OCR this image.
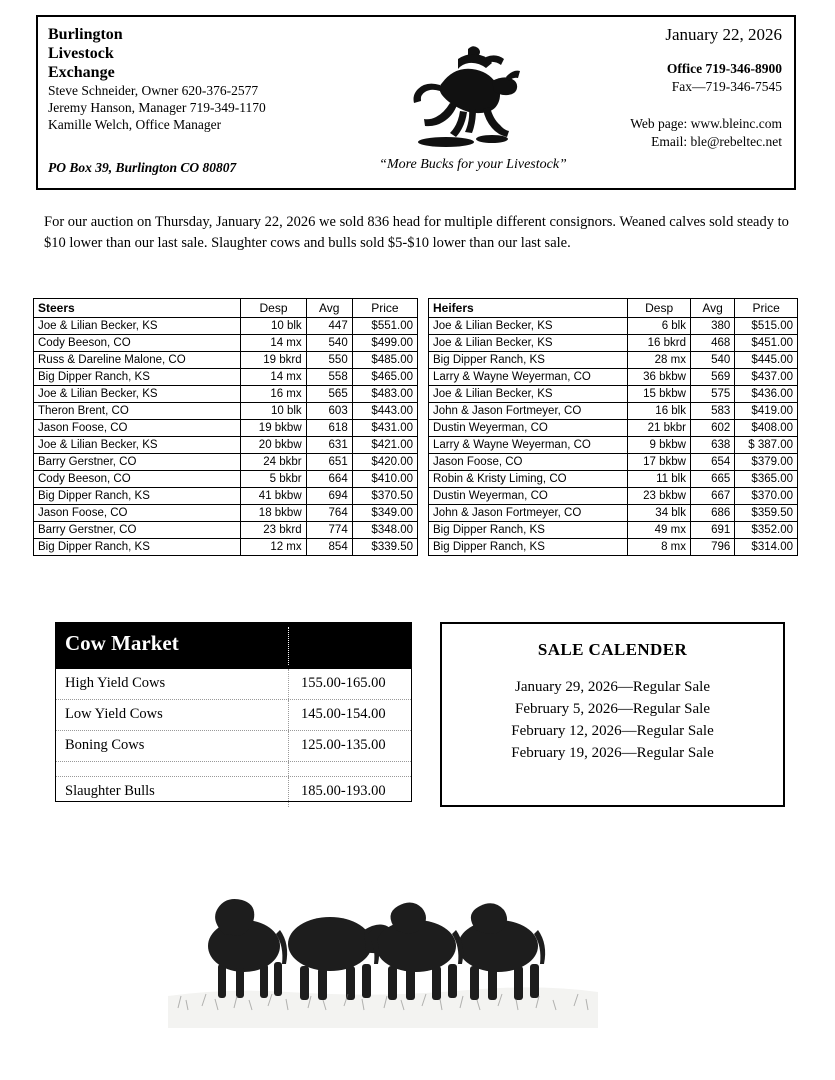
Burlington
Livestock
Exchange
Steve Schneider, Owner 620-376-2577
Jeremy Hanson, Manager 719-349-1170
Kamille Welch, Office Manager
PO Box 39, Burlington CO 80807	“More Bucks for your Livestock”
January 22, 2026
Office 719-346-8900
Fax—719-346-7545
Web page: www.bleinc.com
Email: ble@rebeltec.net
For our auction on Thursday, January 22, 2026 we sold 836 head for multiple different consignors. Weaned calves sold steady to $10 lower than our last sale. Slaughter cows and bulls sold $5-$10 lower than our last sale.
Steers	Desp	Avg	Price
Joe & Lilian Becker, KS	10 blk	447	$551.00
Cody Beeson, CO	14 mx	540	$499.00
Russ & Dareline Malone, CO	19 bkrd	550	$485.00
Big Dipper Ranch, KS	14 mx	558	$465.00
Joe & Lilian Becker, KS	16 mx	565	$483.00
Theron Brent, CO	10 blk	603	$443.00
Jason Foose, CO	19 bkbw	618	$431.00
Joe & Lilian Becker, KS	20 bkbw	631	$421.00
Barry Gerstner, CO	24 bkbr	651	$420.00
Cody Beeson, CO	5 bkbr	664	$410.00
Big Dipper Ranch, KS	41 bkbw	694	$370.50
Jason Foose, CO	18 bkbw	764	$349.00
Barry Gerstner, CO	23 bkrd	774	$348.00
Big Dipper Ranch, KS	12 mx	854	$339.50
Heifers	Desp	Avg	Price
Joe & Lilian Becker, KS	6 blk	380	$515.00
Joe & Lilian Becker, KS	16 bkrd	468	$451.00
Big Dipper Ranch, KS	28 mx	540	$445.00
Larry & Wayne Weyerman, CO	36 bkbw	569	$437.00
Joe & Lilian Becker, KS	15 bkbw	575	$436.00
John & Jason Fortmeyer, CO	16 blk	583	$419.00
Dustin Weyerman, CO	21 bkbr	602	$408.00
Larry & Wayne Weyerman, CO	9 bkbw	638	$ 387.00
Jason Foose, CO	17 bkbw	654	$379.00
Robin & Kristy Liming, CO	11 blk	665	$365.00
Dustin Weyerman, CO	23 bkbw	667	$370.00
John & Jason Fortmeyer, CO	34 blk	686	$359.50
Big Dipper Ranch, KS	49 mx	691	$352.00
Big Dipper Ranch, KS	8 mx	796	$314.00
Cow Market
High Yield Cows	155.00-165.00
Low Yield Cows	145.00-154.00
Boning Cows	125.00-135.00
Slaughter Bulls	185.00-193.00
SALE CALENDER
January 29, 2026—Regular Sale
February 5, 2026—Regular Sale
February 12, 2026—Regular Sale
February 19, 2026—Regular Sale
